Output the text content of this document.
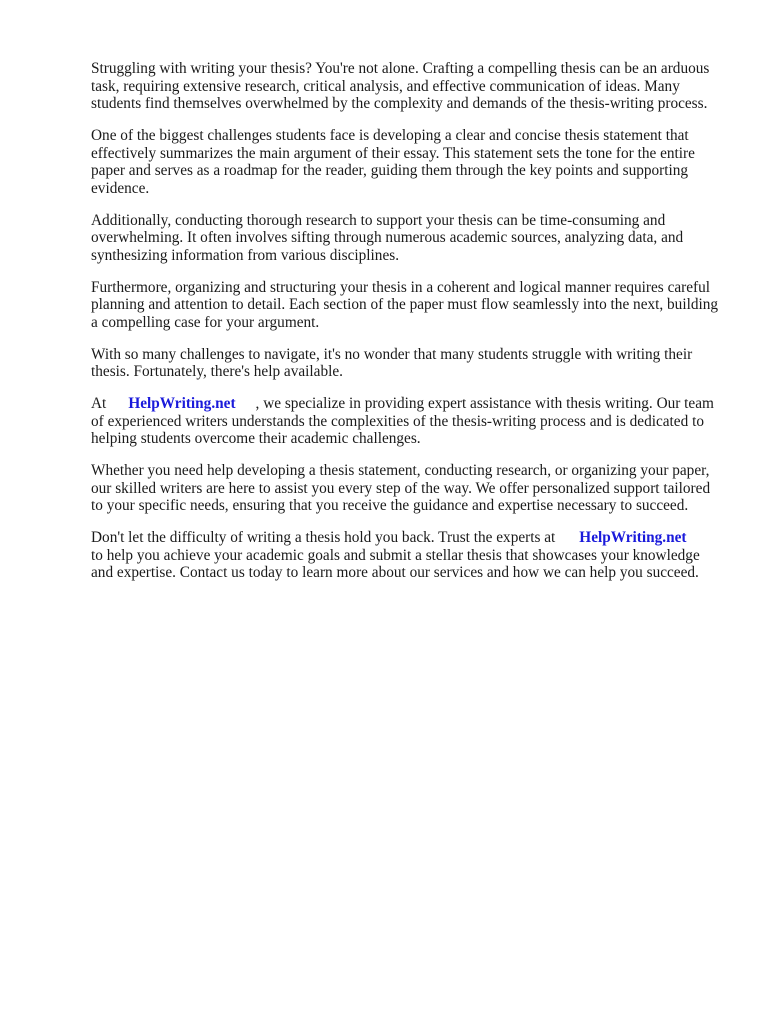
Struggling with writing your thesis? You're not alone. Crafting a compelling thesis can be an arduous task, requiring extensive research, critical analysis, and effective communication of ideas. Many students find themselves overwhelmed by the complexity and demands of the thesis-writing process.

One of the biggest challenges students face is developing a clear and concise thesis statement that effectively summarizes the main argument of their essay. This statement sets the tone for the entire paper and serves as a roadmap for the reader, guiding them through the key points and supporting evidence.

Additionally, conducting thorough research to support your thesis can be time-consuming and overwhelming. It often involves sifting through numerous academic sources, analyzing data, and synthesizing information from various disciplines.

Furthermore, organizing and structuring your thesis in a coherent and logical manner requires careful planning and attention to detail. Each section of the paper must flow seamlessly into the next, building a compelling case for your argument.

With so many challenges to navigate, it's no wonder that many students struggle with writing their thesis. Fortunately, there's help available.

At HelpWriting.net , we specialize in providing expert assistance with thesis writing. Our team of experienced writers understands the complexities of the thesis-writing process and is dedicated to helping students overcome their academic challenges.

Whether you need help developing a thesis statement, conducting research, or organizing your paper, our skilled writers are here to assist you every step of the way. We offer personalized support tailored to your specific needs, ensuring that you receive the guidance and expertise necessary to succeed.

Don't let the difficulty of writing a thesis hold you back. Trust the experts at HelpWriting.net
to help you achieve your academic goals and submit a stellar thesis that showcases your knowledge and expertise. Contact us today to learn more about our services and how we can help you succeed.
